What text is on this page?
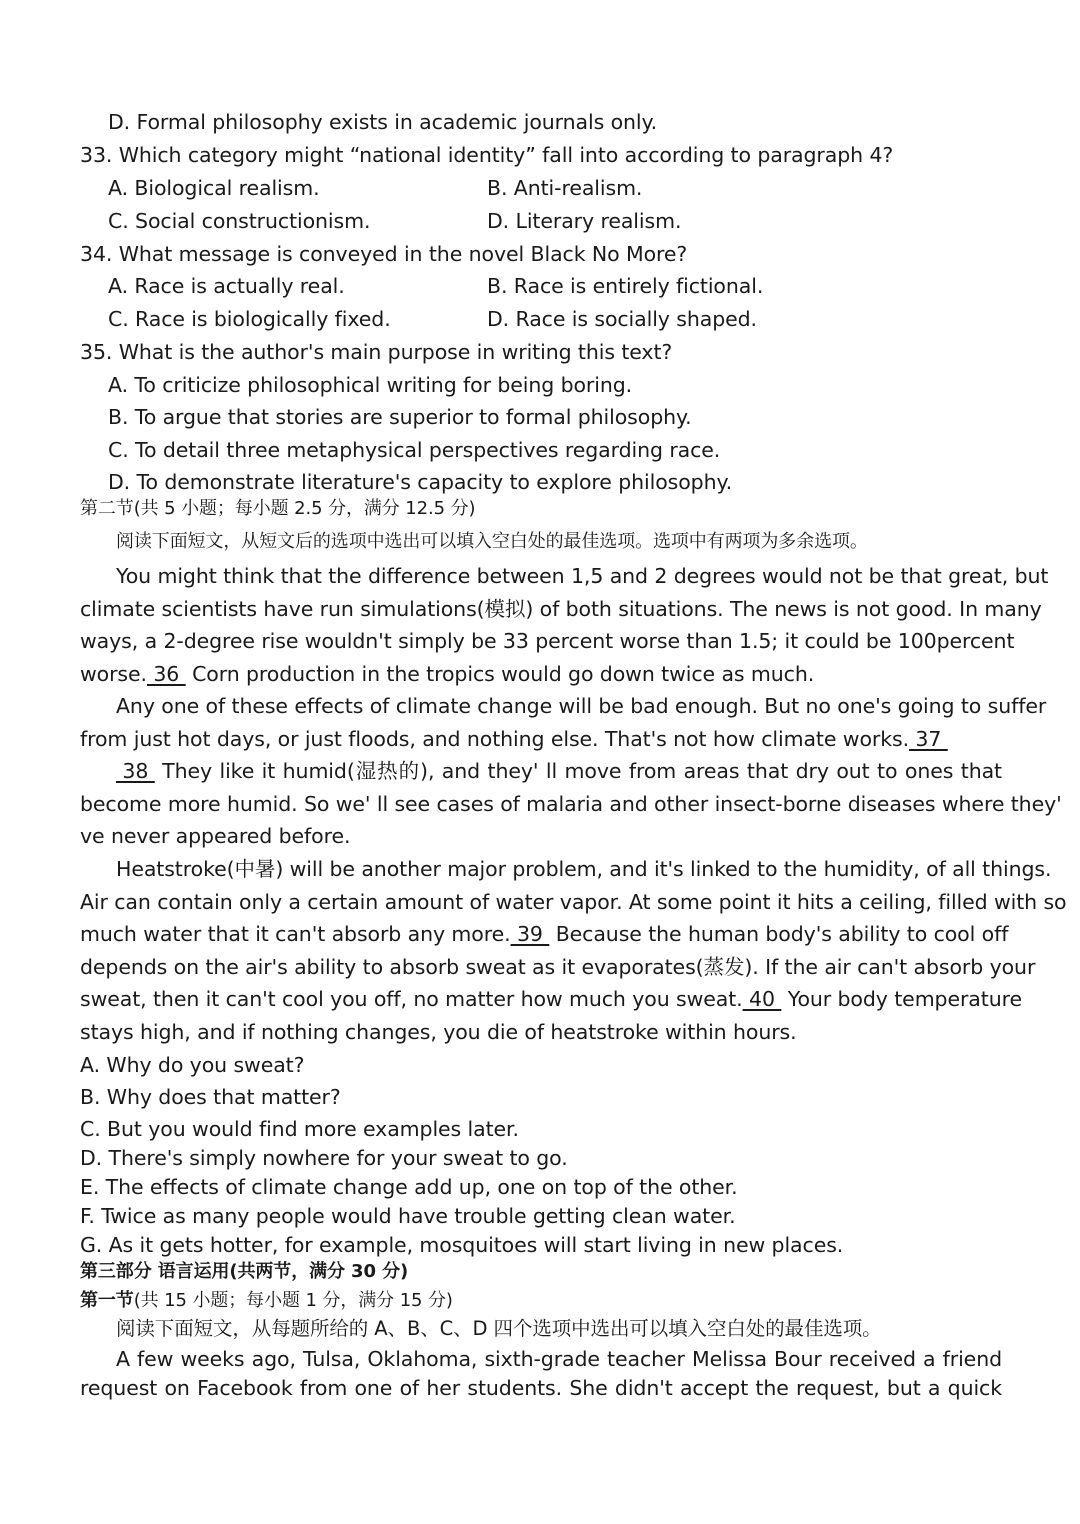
D. Formal philosophy exists in academic journals only.
33. Which category might “national identity” fall into according to paragraph 4?
A. Biological realism.	B. Anti-realism.
C. Social constructionism.	D. Literary realism.
34. What message is conveyed in the novel Black No More?
A. Race is actually real.	B. Race is entirely fictional.
C. Race is biologically fixed.	D. Race is socially shaped.
35. What is the author's main purpose in writing this text?
A. To criticize philosophical writing for being boring.
B. To argue that stories are superior to formal philosophy.
C. To detail three metaphysical perspectives regarding race.
D. To demonstrate literature's capacity to explore philosophy.
第二节(共 5 小题；每小题 2.5 分，满分 12.5 分)
阅读下面短文，从短文后的选项中选出可以填入空白处的最佳选项。选项中有两项为多余选项。
You might think that the difference between 1,5 and 2 degrees would not be that great, but
climate scientists have run simulations(模拟) of both situations. The news is not good. In many
ways, a 2-degree rise wouldn't simply be 33 percent worse than 1.5; it could be 100percent
worse. 36  Corn production in the tropics would go down twice as much.
Any one of these effects of climate change will be bad enough. But no one's going to suffer
from just hot days, or just floods, and nothing else. That's not how climate works. 37
38  They like it humid(湿热的), and they' ll move from areas that dry out to ones that
become more humid. So we' ll see cases of malaria and other insect-borne diseases where they'
ve never appeared before.
Heatstroke(中暑) will be another major problem, and it's linked to the humidity, of all things.
Air can contain only a certain amount of water vapor. At some point it hits a ceiling, filled with so
much water that it can't absorb any more. 39  Because the human body's ability to cool off
depends on the air's ability to absorb sweat as it evaporates(蒸发). If the air can't absorb your
sweat, then it can't cool you off, no matter how much you sweat. 40  Your body temperature
stays high, and if nothing changes, you die of heatstroke within hours.
A. Why do you sweat?
B. Why does that matter?
C. But you would find more examples later.
D. There's simply nowhere for your sweat to go.
E. The effects of climate change add up, one on top of the other.
F. Twice as many people would have trouble getting clean water.
G. As it gets hotter, for example, mosquitoes will start living in new places.
第三部分 语言运用(共两节，满分 30 分)
第一节(共 15 小题；每小题 1 分，满分 15 分)
阅读下面短文，从每题所给的 A、B、C、D 四个选项中选出可以填入空白处的最佳选项。
A few weeks ago, Tulsa, Oklahoma, sixth-grade teacher Melissa Bour received a friend
request on Facebook from one of her students. She didn't accept the request, but a quick
